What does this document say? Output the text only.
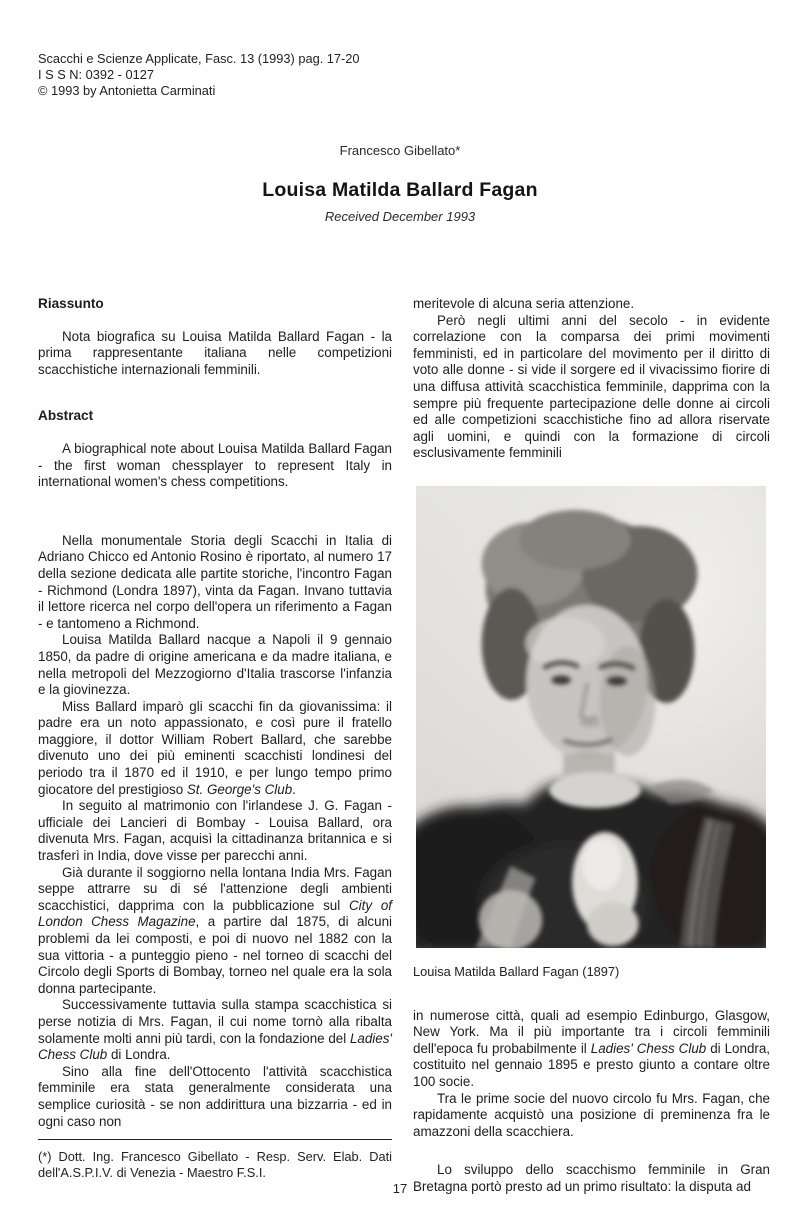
Scacchi e Scienze Applicate, Fasc. 13 (1993) pag. 17-20
I S S N: 0392 - 0127
© 1993 by Antonietta Carminati
Francesco Gibellato*
Louisa Matilda Ballard Fagan
Received December 1993

Riassunto

Nota biografica su Louisa Matilda Ballard Fagan - la prima rappresentante italiana nelle competizioni scacchistiche internazionali femminili.

Abstract

A biographical note about Louisa Matilda Ballard Fagan - the first woman chessplayer to represent Italy in international women's chess competitions.

Nella monumentale Storia degli Scacchi in Italia di Adriano Chicco ed Antonio Rosino è riportato, al numero 17 della sezione dedicata alle partite storiche, l'incontro Fagan - Richmond (Londra 1897), vinta da Fagan. Invano tuttavia il lettore ricerca nel corpo dell'opera un riferimento a Fagan - e tantomeno a Richmond.

Louisa Matilda Ballard nacque a Napoli il 9 gennaio 1850, da padre di origine americana e da madre italiana, e nella metropoli del Mezzogiorno d'Italia trascorse l'infanzia e la giovinezza.

Miss Ballard imparò gli scacchi fin da giovanissima: il padre era un noto appassionato, e così pure il fratello maggiore, il dottor William Robert Ballard, che sarebbe divenuto uno dei più eminenti scacchisti londinesi del periodo tra il 1870 ed il 1910, e per lungo tempo primo giocatore del prestigioso St. George's Club.

In seguito al matrimonio con l'irlandese J. G. Fagan - ufficiale dei Lancieri di Bombay - Louisa Ballard, ora divenuta Mrs. Fagan, acquisì la cittadinanza britannica e si trasferì in India, dove visse per parecchi anni.

Già durante il soggiorno nella lontana India Mrs. Fagan seppe attrarre su di sé l'attenzione degli ambienti scacchistici, dapprima con la pubblicazione sul City of London Chess Magazine, a partire dal 1875, di alcuni problemi da lei composti, e poi di nuovo nel 1882 con la sua vittoria - a punteggio pieno - nel torneo di scacchi del Circolo degli Sports di Bombay, torneo nel quale era la sola donna partecipante.

Successivamente tuttavia sulla stampa scacchistica si perse notizia di Mrs. Fagan, il cui nome tornò alla ribalta solamente molti anni più tardi, con la fondazione del Ladies' Chess Club di Londra.

Sino alla fine dell'Ottocento l'attività scacchistica femminile era stata generalmente considerata una semplice curiosità - se non addirittura una bizzarria - ed in ogni caso non

meritevole di alcuna seria attenzione.

Però negli ultimi anni del secolo - in evidente correlazione con la comparsa dei primi movimenti femministi, ed in particolare del movimento per il diritto di voto alle donne - si vide il sorgere ed il vivacissimo fiorire di una diffusa attività scacchistica femminile, dapprima con la sempre più frequente partecipazione delle donne ai circoli ed alle competizioni scacchistiche fino ad allora riservate agli uomini, e quindi con la formazione di circoli esclusivamente femminili

Louisa Matilda Ballard Fagan (1897)

in numerose città, quali ad esempio Edinburgo, Glasgow, New York. Ma il più importante tra i circoli femminili dell'epoca fu probabilmente il Ladies' Chess Club di Londra, costituito nel gennaio 1895 e presto giunto a contare oltre 100 socie.

Tra le prime socie del nuovo circolo fu Mrs. Fagan, che rapidamente acquistò una posizione di preminenza fra le amazzoni della scacchiera.

Lo sviluppo dello scacchismo femminile in Gran Bretagna portò presto ad un primo risultato: la disputa ad

(*) Dott. Ing. Francesco Gibellato - Resp. Serv. Elab. Dati dell'A.S.P.I.V. di Venezia - Maestro F.S.I.

17
